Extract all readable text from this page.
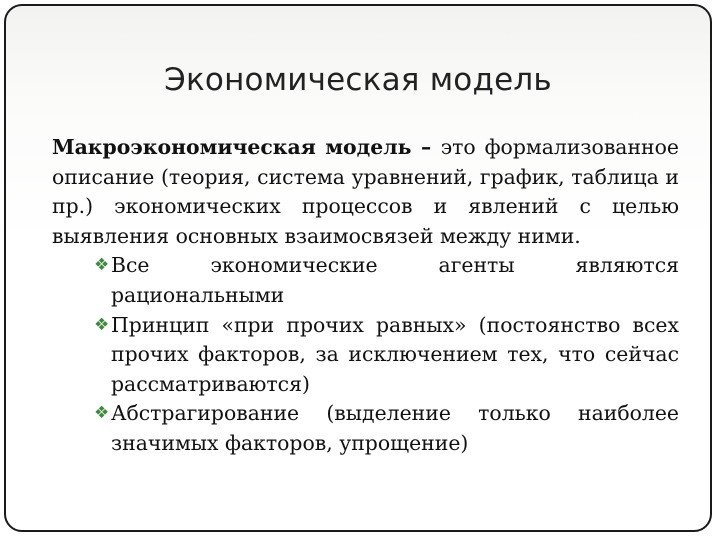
Экономическая модель

Макроэкономическая модель – это формализованное описание (теория, система уравнений, график, таблица и пр.) экономических процессов и явлений с целью выявления основных взаимосвязей между ними.

❖ Все экономические агенты являются рациональными
❖ Принцип «при прочих равных» (постоянство всех прочих факторов, за исключением тех, что сейчас рассматриваются)
❖ Абстрагирование (выделение только наиболее значимых факторов, упрощение)
